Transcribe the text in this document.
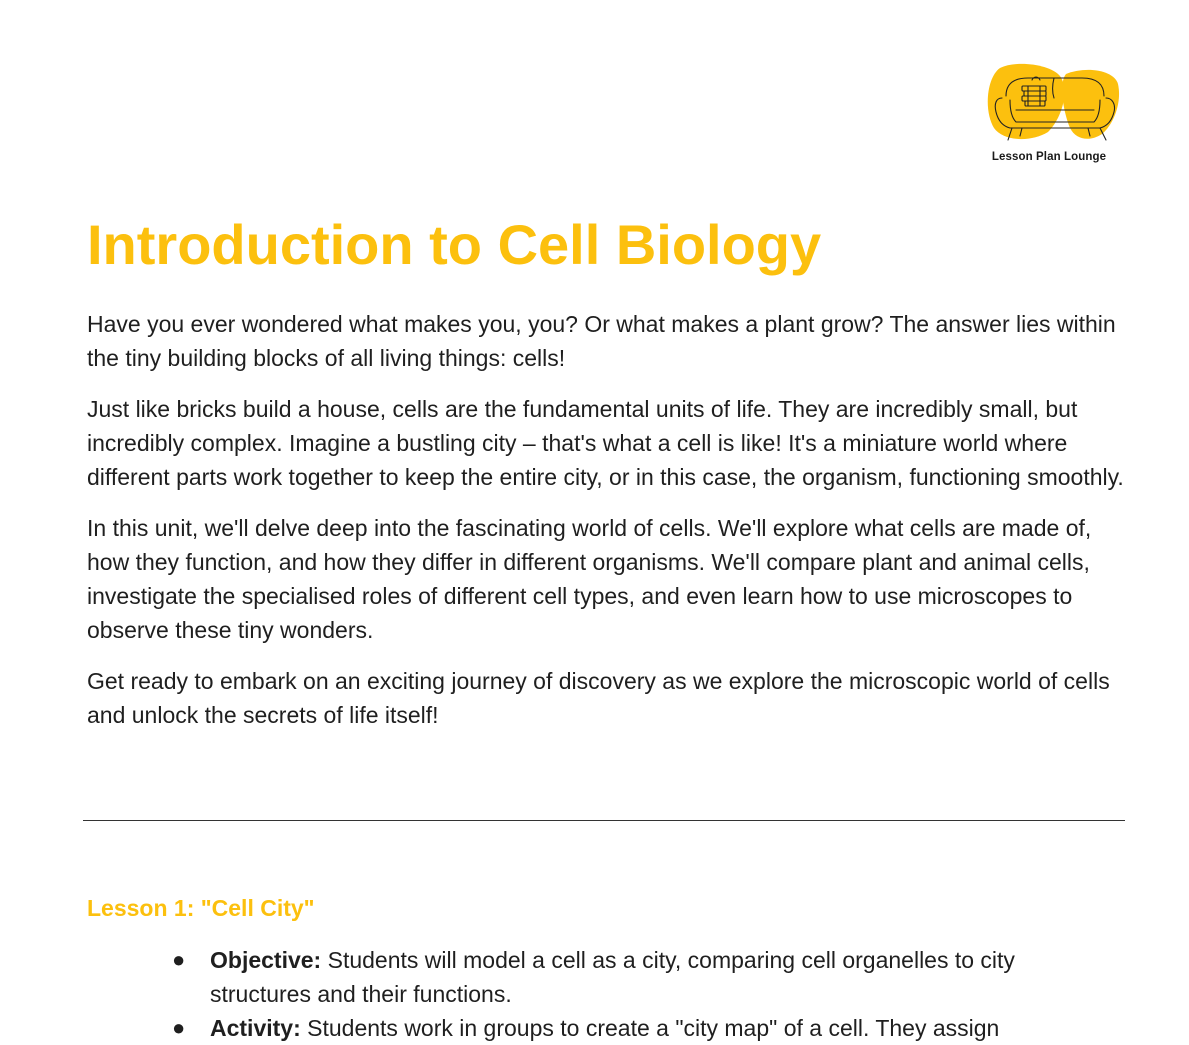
Lesson Plan Lounge
Introduction to Cell Biology

Have you ever wondered what makes you, you? Or what makes a plant grow? The answer lies within the tiny building blocks of all living things: cells!

Just like bricks build a house, cells are the fundamental units of life. They are incredibly small, but incredibly complex. Imagine a bustling city – that's what a cell is like! It's a miniature world where different parts work together to keep the entire city, or in this case, the organism, functioning smoothly.

In this unit, we'll delve deep into the fascinating world of cells. We'll explore what cells are made of, how they function, and how they differ in different organisms. We'll compare plant and animal cells, investigate the specialised roles of different cell types, and even learn how to use microscopes to observe these tiny wonders.

Get ready to embark on an exciting journey of discovery as we explore the microscopic world of cells and unlock the secrets of life itself!

Lesson 1: "Cell City"
● Objective: Students will model a cell as a city, comparing cell organelles to city structures and their functions.
● Activity: Students work in groups to create a "city map" of a cell. They assign
